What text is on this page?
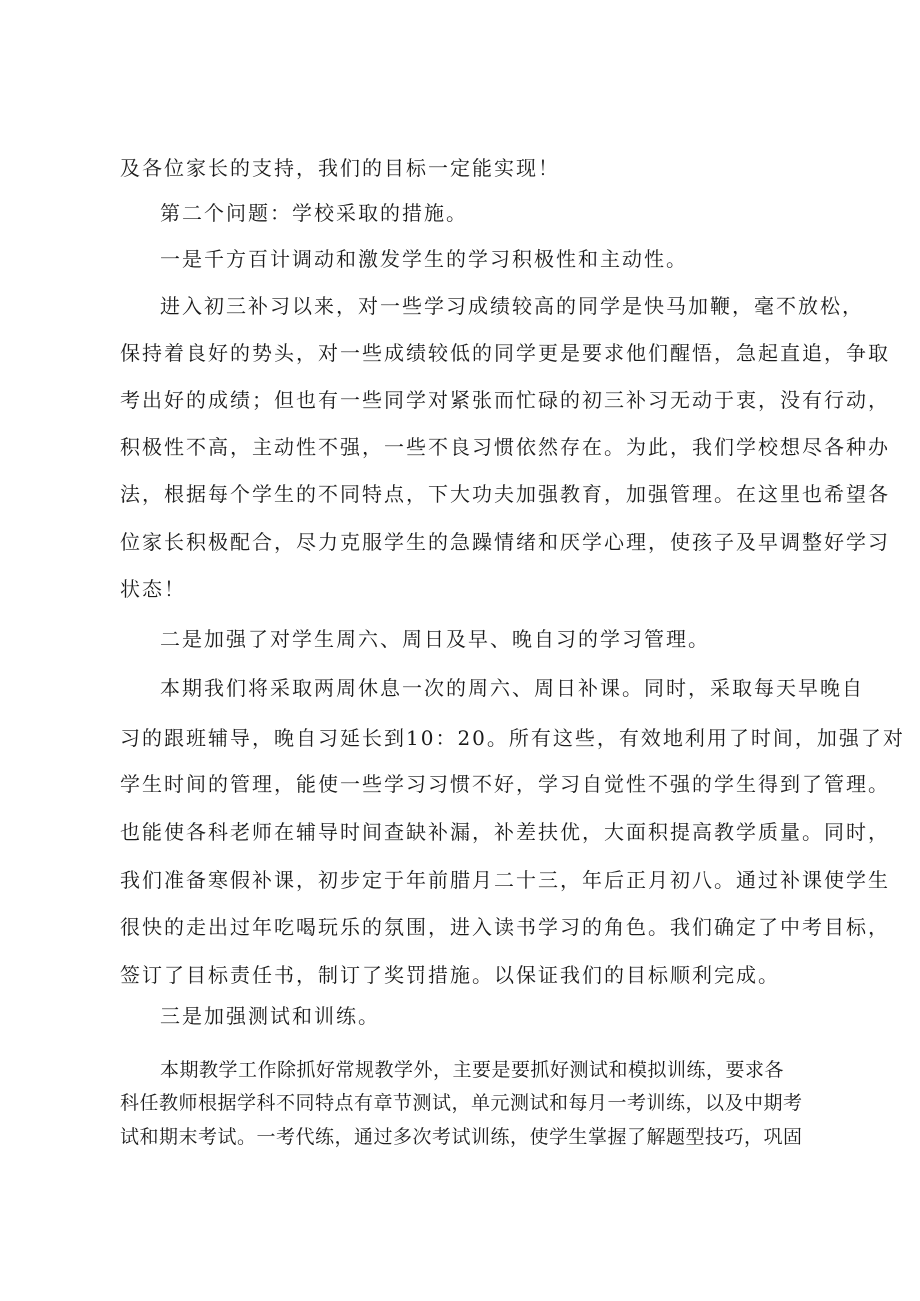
及各位家长的支持，我们的目标一定能实现！
第二个问题：学校采取的措施。
一是千方百计调动和激发学生的学习积极性和主动性。
进入初三补习以来，对一些学习成绩较高的同学是快马加鞭，毫不放松，
保持着良好的势头，对一些成绩较低的同学更是要求他们醒悟，急起直追，争取
考出好的成绩；但也有一些同学对紧张而忙碌的初三补习无动于衷，没有行动，
积极性不高，主动性不强，一些不良习惯依然存在。为此，我们学校想尽各种办
法，根据每个学生的不同特点，下大功夫加强教育，加强管理。在这里也希望各
位家长积极配合，尽力克服学生的急躁情绪和厌学心理，使孩子及早调整好学习
状态！
二是加强了对学生周六、周日及早、晚自习的学习管理。
本期我们将采取两周休息一次的周六、周日补课。同时，采取每天早晚自
习的跟班辅导，晚自习延长到10：20。所有这些，有效地利用了时间，加强了对
学生时间的管理，能使一些学习习惯不好，学习自觉性不强的学生得到了管理。
也能使各科老师在辅导时间查缺补漏，补差扶优，大面积提高教学质量。同时，
我们准备寒假补课，初步定于年前腊月二十三，年后正月初八。通过补课使学生
很快的走出过年吃喝玩乐的氛围，进入读书学习的角色。我们确定了中考目标，
签订了目标责任书，制订了奖罚措施。以保证我们的目标顺利完成。
三是加强测试和训练。
本期教学工作除抓好常规教学外，主要是要抓好测试和模拟训练，要求各
科任教师根据学科不同特点有章节测试，单元测试和每月一考训练，以及中期考
试和期末考试。一考代练，通过多次考试训练，使学生掌握了解题型技巧，巩固
